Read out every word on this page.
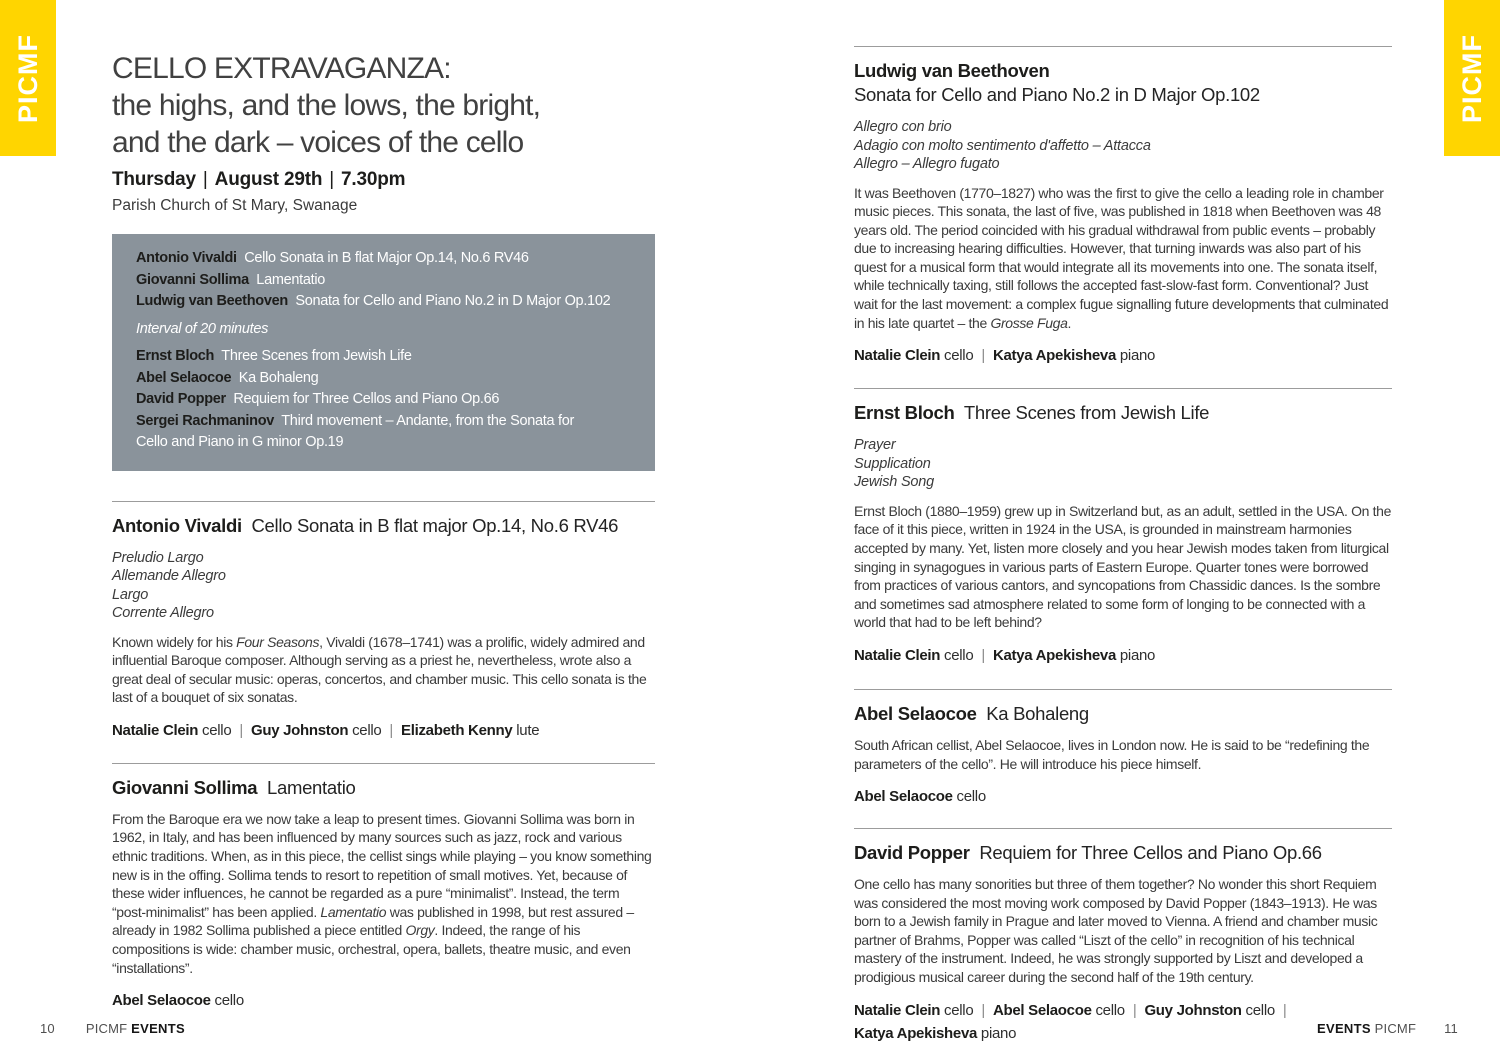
PICMF	PICMF
CELLO EXTRAVAGANZA:
the highs, and the lows, the bright,
and the dark – voices of the cello
Thursday | August 29th | 7.30pm
Parish Church of St Mary, Swanage
Antonio Vivaldi  Cello Sonata in B flat Major Op.14, No.6 RV46
Giovanni Sollima  Lamentatio
Ludwig van Beethoven  Sonata for Cello and Piano No.2 in D Major Op.102
Interval of 20 minutes
Ernst Bloch  Three Scenes from Jewish Life
Abel Selaocoe  Ka Bohaleng
David Popper  Requiem for Three Cellos and Piano Op.66
Sergei Rachmaninov  Third movement – Andante, from the Sonata for
Cello and Piano in G minor Op.19
Antonio Vivaldi  Cello Sonata in B flat major Op.14, No.6 RV46
Preludio Largo
Allemande Allegro
Largo
Corrente Allegro

Known widely for his Four Seasons, Vivaldi (1678–1741) was a prolific, widely admired and influential Baroque composer. Although serving as a priest he, nevertheless, wrote also a great deal of secular music: operas, concertos, and chamber music. This cello sonata is the last of a bouquet of six sonatas.

Natalie Clein cello | Guy Johnston cello | Elizabeth Kenny lute

Giovanni Sollima  Lamentatio

From the Baroque era we now take a leap to present times. Giovanni Sollima was born in 1962, in Italy, and has been influenced by many sources such as jazz, rock and various ethnic traditions. When, as in this piece, the cellist sings while playing – you know something new is in the offing. Sollima tends to resort to repetition of small motives. Yet, because of these wider influences, he cannot be regarded as a pure “minimalist”. Instead, the term “post-minimalist” has been applied. Lamentatio was published in 1998, but rest assured – already in 1982 Sollima published a piece entitled Orgy. Indeed, the range of his compositions is wide: chamber music, orchestral, opera, ballets, theatre music, and even “installations”.

Abel Selaocoe cello

Ludwig van Beethoven
Sonata for Cello and Piano No.2 in D Major Op.102
Allegro con brio
Adagio con molto sentimento d'affetto – Attacca
Allegro – Allegro fugato

It was Beethoven (1770–1827) who was the first to give the cello a leading role in chamber music pieces. This sonata, the last of five, was published in 1818 when Beethoven was 48 years old. The period coincided with his gradual withdrawal from public events – probably due to increasing hearing difficulties. However, that turning inwards was also part of his quest for a musical form that would integrate all its movements into one. The sonata itself, while technically taxing, still follows the accepted fast-slow-fast form. Conventional? Just wait for the last movement: a complex fugue signalling future developments that culminated in his late quartet – the Grosse Fuga.

Natalie Clein cello | Katya Apekisheva piano

Ernst Bloch  Three Scenes from Jewish Life
Prayer
Supplication
Jewish Song

Ernst Bloch (1880–1959) grew up in Switzerland but, as an adult, settled in the USA. On the face of it this piece, written in 1924 in the USA, is grounded in mainstream harmonies accepted by many. Yet, listen more closely and you hear Jewish modes taken from liturgical singing in synagogues in various parts of Eastern Europe. Quarter tones were borrowed from practices of various cantors, and syncopations from Chassidic dances. Is the sombre and sometimes sad atmosphere related to some form of longing to be connected with a world that had to be left behind?

Natalie Clein cello | Katya Apekisheva piano

Abel Selaocoe  Ka Bohaleng

South African cellist, Abel Selaocoe, lives in London now. He is said to be “redefining the parameters of the cello”. He will introduce his piece himself.

Abel Selaocoe cello

David Popper  Requiem for Three Cellos and Piano Op.66

One cello has many sonorities but three of them together? No wonder this short Requiem was considered the most moving work composed by David Popper (1843–1913). He was born to a Jewish family in Prague and later moved to Vienna. A friend and chamber music partner of Brahms, Popper was called “Liszt of the cello” in recognition of his technical mastery of the instrument. Indeed, he was strongly supported by Liszt and developed a prodigious musical career during the second half of the 19th century.

Natalie Clein cello | Abel Selaocoe cello | Guy Johnston cello |
Katya Apekisheva piano

10 PICMF EVENTS	EVENTS PICMF 11
